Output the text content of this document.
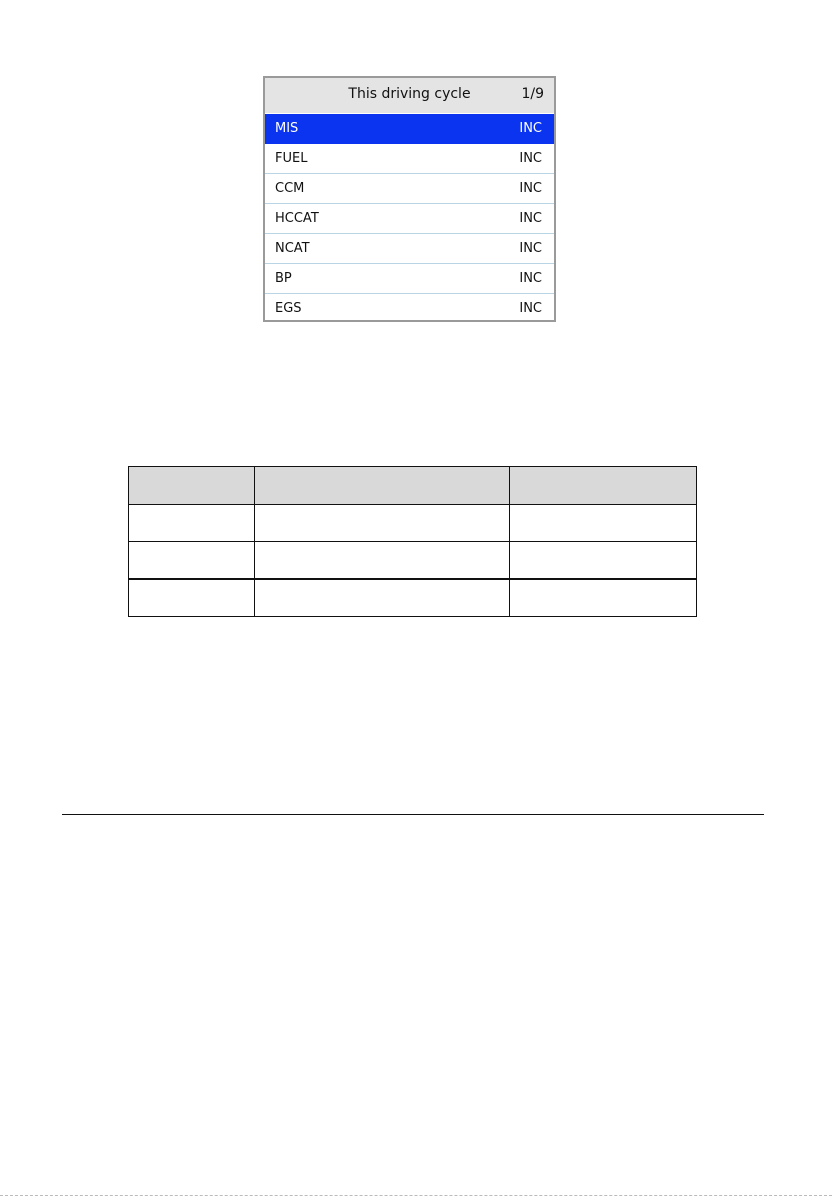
This driving cycle	1/9
MIS	INC
FUEL	INC
CCM	INC
HCCAT	INC
NCAT	INC
BP	INC
EGS	INC
